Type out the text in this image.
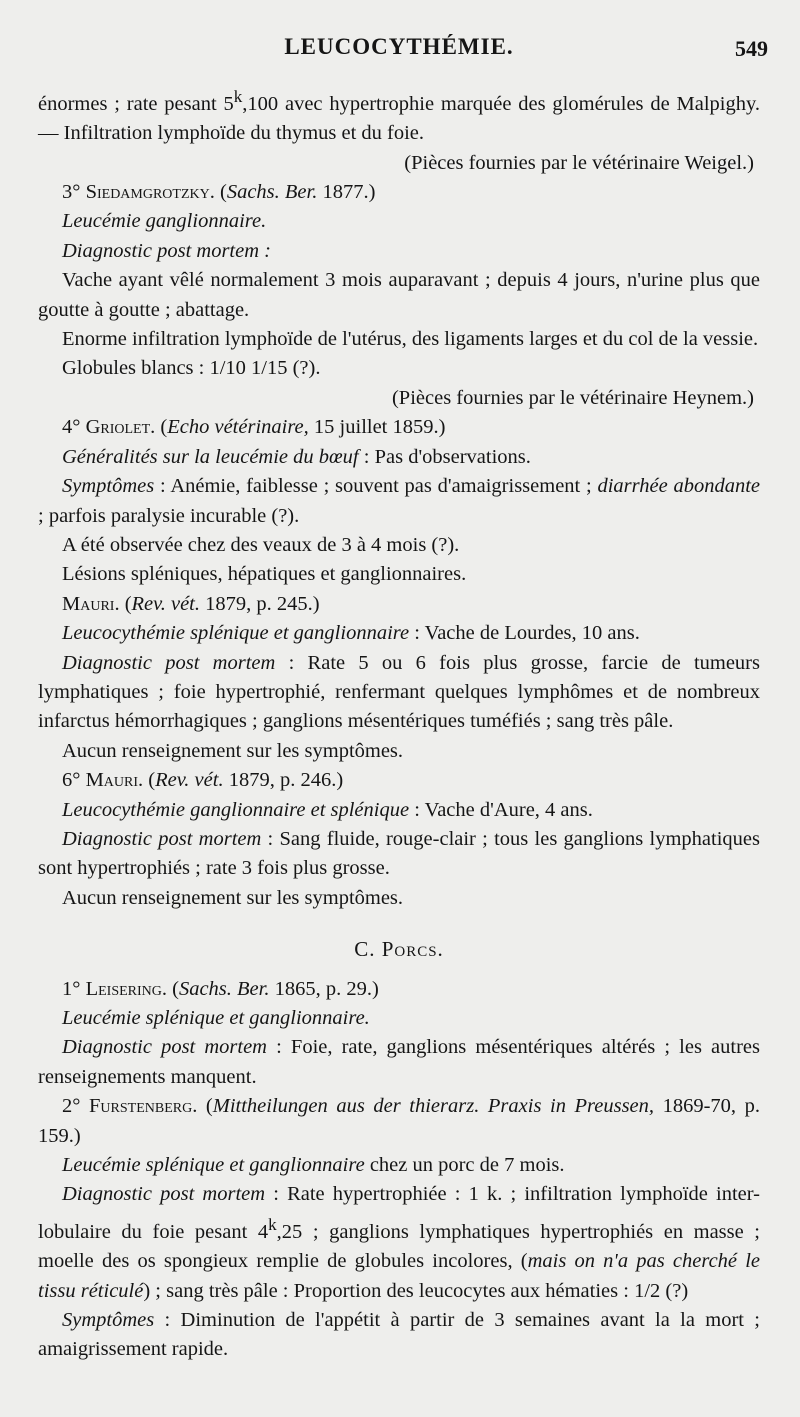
LEUCOCYTHÉMIE.	549

énormes ; rate pesant 5$^k$,100 avec hypertrophie marquée des glomérules de Malpighy.— Infiltration lymphoïde du thymus et du foie.

(Pièces fournies par le vétérinaire Weigel.)

3° Siedamgrotzky. (Sachs. Ber. 1877.)

Leucémie ganglionnaire.

Diagnostic post mortem :

Vache ayant vêlé normalement 3 mois auparavant ; depuis 4 jours, n'urine plus que goutte à goutte ; abattage.

Enorme infiltration lymphoïde de l'utérus, des ligaments larges et du col de la vessie.

Globules blancs : 1/10 1/15 (?).

(Pièces fournies par le vétérinaire Heynem.)

4° Griolet. (Echo vétérinaire, 15 juillet 1859.)

Généralités sur la leucémie du bœuf : Pas d'observations.

Symptômes : Anémie, faiblesse ; souvent pas d'amaigrissement ; diarrhée abondante ; parfois paralysie incurable (?).

A été observée chez des veaux de 3 à 4 mois (?).

Lésions spléniques, hépatiques et ganglionnaires.

Mauri. (Rev. vét. 1879, p. 245.)

Leucocythémie splénique et ganglionnaire : Vache de Lourdes, 10 ans.

Diagnostic post mortem : Rate 5 ou 6 fois plus grosse, farcie de tumeurs lymphatiques ; foie hypertrophié, renfermant quelques lymphômes et de nombreux infarctus hémorrhagiques ; ganglions mésentériques tuméfiés ; sang très pâle.

Aucun renseignement sur les symptômes.

6° Mauri. (Rev. vét. 1879, p. 246.)

Leucocythémie ganglionnaire et splénique : Vache d'Aure, 4 ans.

Diagnostic post mortem : Sang fluide, rouge-clair ; tous les ganglions lymphatiques sont hypertrophiés ; rate 3 fois plus grosse.

Aucun renseignement sur les symptômes.

C. Porcs.

1° Leisering. (Sachs. Ber. 1865, p. 29.)

Leucémie splénique et ganglionnaire.

Diagnostic post mortem : Foie, rate, ganglions mésentériques altérés ; les autres renseignements manquent.

2° Furstenberg. (Mittheilungen aus der thierarz. Praxis in Preussen, 1869-70, p. 159.)

Leucémie splénique et ganglionnaire chez un porc de 7 mois.

Diagnostic post mortem : Rate hypertrophiée : 1 k. ; infiltration lymphoïde inter-lobulaire du foie pesant 4$^k$,25 ; ganglions lymphatiques hypertrophiés en masse ; moelle des os spongieux remplie de globules incolores, (mais on n'a pas cherché le tissu réticulé) ; sang très pâle : Proportion des leucocytes aux hématies : 1/2 (?)

Symptômes : Diminution de l'appétit à partir de 3 semaines avant la la mort ; amaigrissement rapide.
